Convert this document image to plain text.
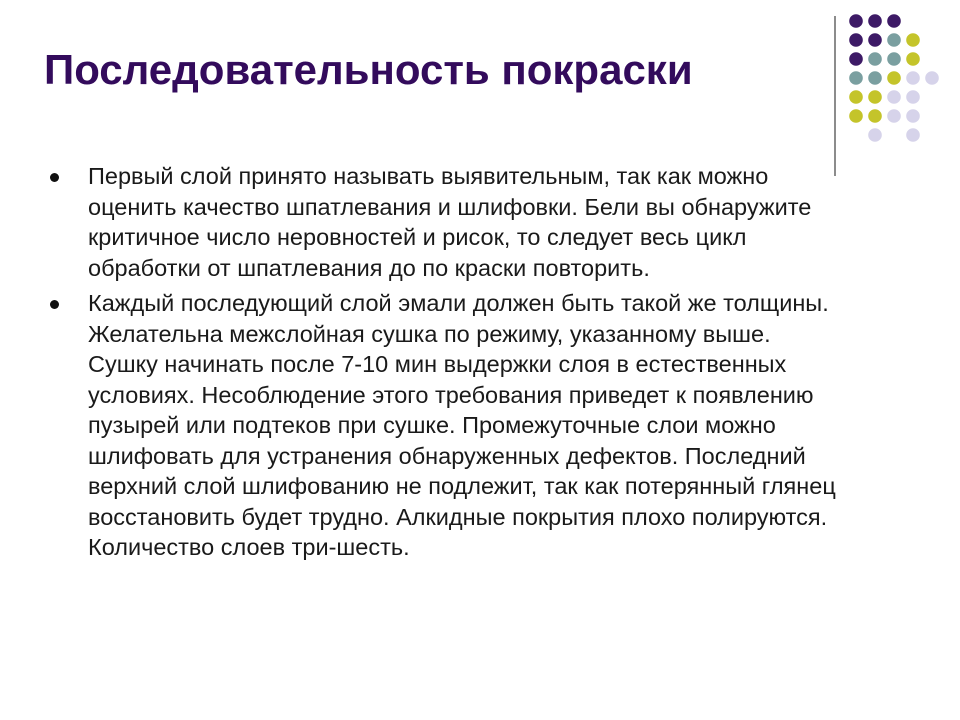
Последовательность покраски
Первый слой принято называть выявительным, так как можно оценить качество шпатлевания и шлифовки. Бели вы обнаружите критичное число неровностей и рисок, то следует весь цикл обработки от шпатлевания до по краски повторить.
Каждый последующий слой эмали должен быть такой же толщины. Желательна межслойная сушка по режиму, указанному выше. Сушку начинать после 7-10 мин выдержки слоя в естественных условиях. Несоблюдение этого требования приведет к появлению пузырей или подтеков при сушке. Промежуточные слои можно шлифовать для устранения обнаруженных дефектов. Последний верхний слой шлифованию не подлежит, так как потерянный глянец восстановить будет трудно. Алкидные покрытия плохо полируются. Количество слоев три-шесть.
